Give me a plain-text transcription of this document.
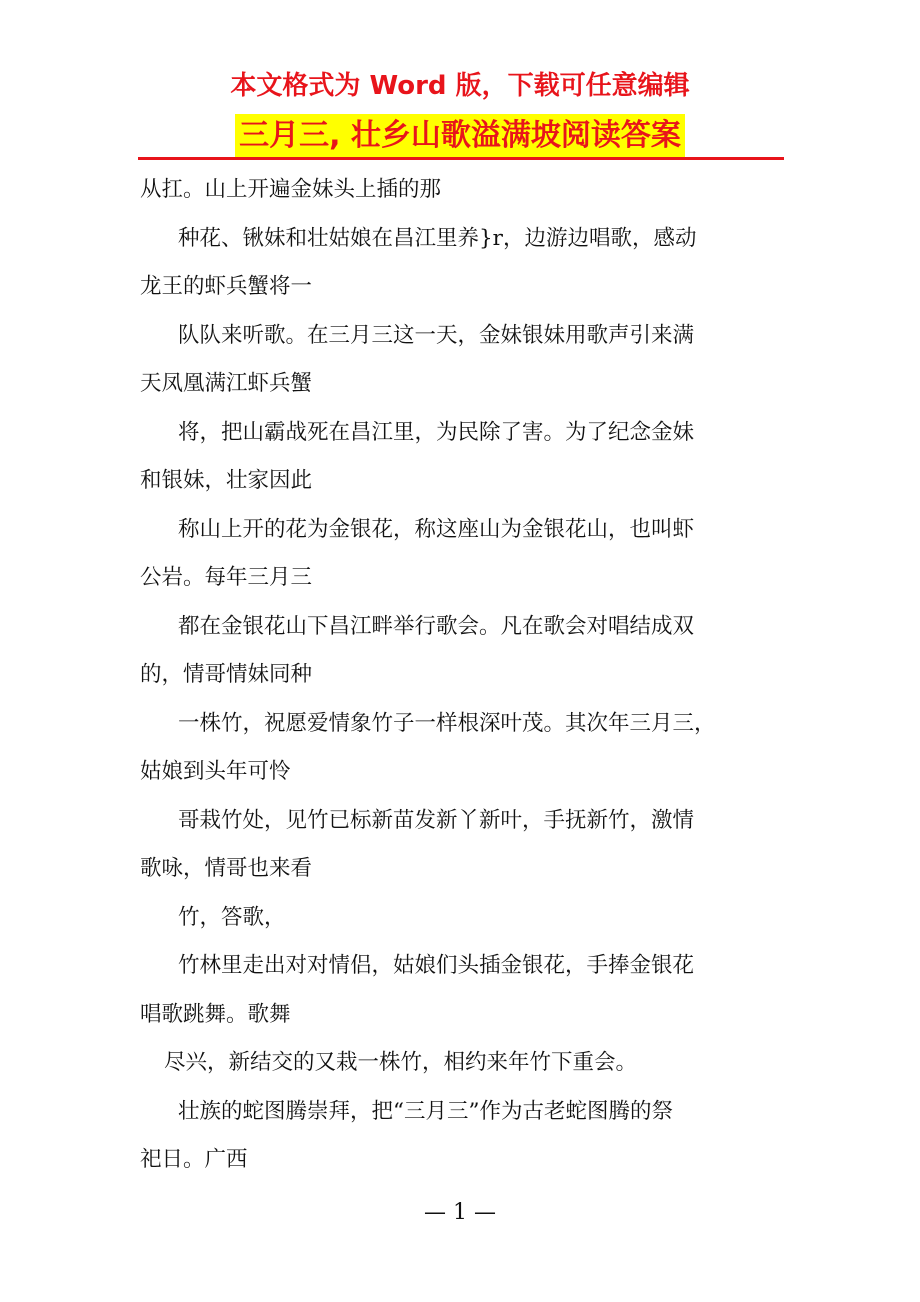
本文格式为 Word 版，下载可任意编辑
三月三, 壮乡山歌溢满坡阅读答案
从扛。山上开遍金妹头上插的那
种花、锹妹和壮姑娘在昌江里养}r，边游边唱歌，感动
龙王的虾兵蟹将一
队队来听歌。在三月三这一天，金妹银妹用歌声引来满
天凤凰满江虾兵蟹
将，把山霸战死在昌江里，为民除了害。为了纪念金妹
和银妹，壮家因此
称山上开的花为金银花，称这座山为金银花山，也叫虾
公岩。每年三月三
都在金银花山下昌江畔举行歌会。凡在歌会对唱结成双
的，情哥情妹同种
一株竹，祝愿爱情象竹子一样根深叶茂。其次年三月三，
姑娘到头年可怜
哥栽竹处，见竹已标新苗发新丫新叶，手抚新竹，激情
歌咏，情哥也来看
竹，答歌，
竹林里走出对对情侣，姑娘们头插金银花，手捧金银花
唱歌跳舞。歌舞
尽兴，新结交的又栽一株竹，相约来年竹下重会。
壮族的蛇图腾崇拜，把“三月三”作为古老蛇图腾的祭
祀日。广西
— 1 —
